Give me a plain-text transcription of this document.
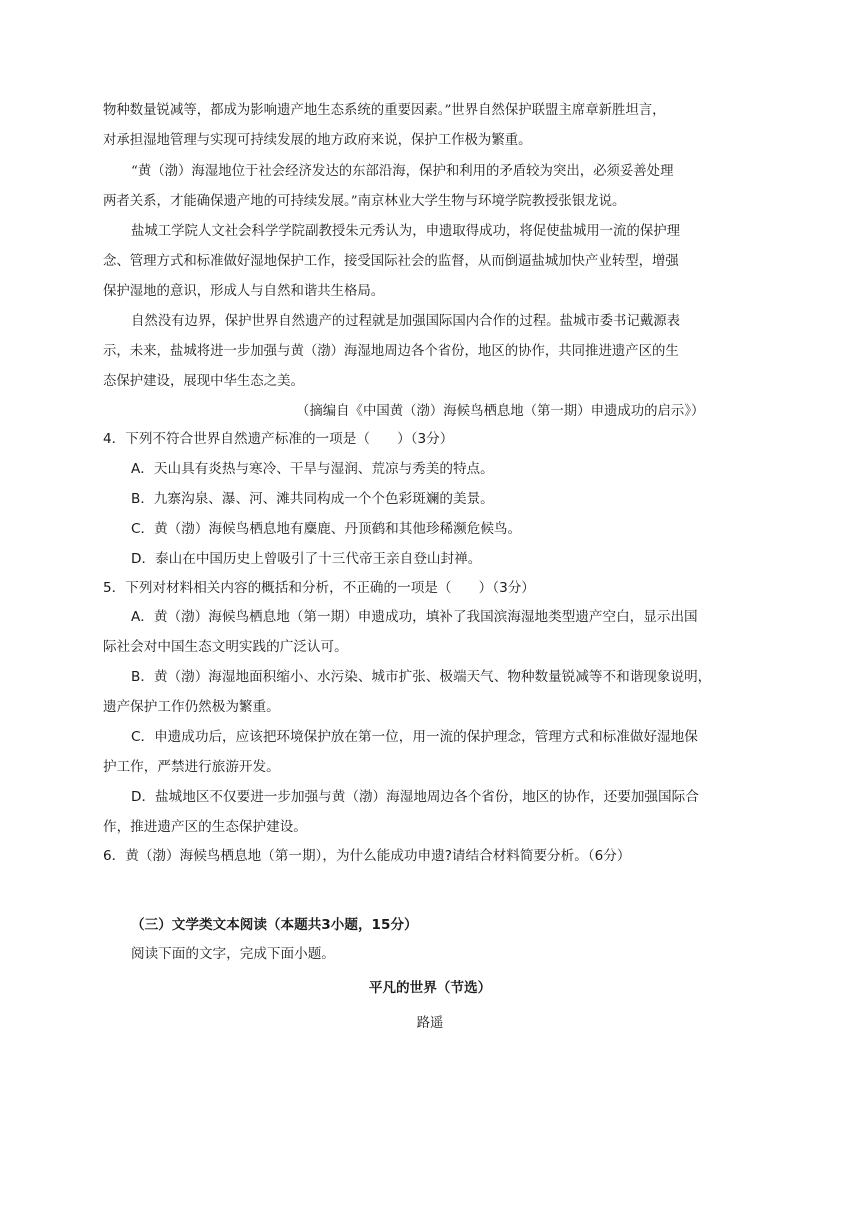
物种数量锐减等，都成为影响遗产地生态系统的重要因素。”世界自然保护联盟主席章新胜坦言，
对承担湿地管理与实现可持续发展的地方政府来说，保护工作极为繁重。
“黄（渤）海湿地位于社会经济发达的东部沿海，保护和利用的矛盾较为突出，必须妥善处理
两者关系，才能确保遗产地的可持续发展。”南京林业大学生物与环境学院教授张银龙说。
盐城工学院人文社会科学学院副教授朱元秀认为，申遗取得成功，将促使盐城用一流的保护理
念、管理方式和标准做好湿地保护工作，接受国际社会的监督，从而倒逼盐城加快产业转型，增强
保护湿地的意识，形成人与自然和谐共生格局。
自然没有边界，保护世界自然遗产的过程就是加强国际国内合作的过程。盐城市委书记戴源表
示，未来，盐城将进一步加强与黄（渤）海湿地周边各个省份，地区的协作，共同推进遗产区的生
态保护建设，展现中华生态之美。
（摘编自《中国黄（渤）海候鸟栖息地（第一期）申遗成功的启示》）
4．下列不符合世界自然遗产标准的一项是（　　）（3分）
A．天山具有炎热与寒冷、干旱与湿润、荒凉与秀美的特点。
B．九寨沟泉、瀑、河、滩共同构成一个个色彩斑斓的美景。
C．黄（渤）海候鸟栖息地有麋鹿、丹顶鹤和其他珍稀濒危候鸟。
D．泰山在中国历史上曾吸引了十三代帝王亲自登山封禅。
5．下列对材料相关内容的概括和分析，不正确的一项是（　　）（3分）
A．黄（渤）海候鸟栖息地（第一期）申遗成功，填补了我国滨海湿地类型遗产空白，显示出国
际社会对中国生态文明实践的广泛认可。
B．黄（渤）海湿地面积缩小、水污染、城市扩张、极端天气、物种数量锐减等不和谐现象说明，
遗产保护工作仍然极为繁重。
C．申遗成功后，应该把环境保护放在第一位，用一流的保护理念，管理方式和标准做好湿地保
护工作，严禁进行旅游开发。
D．盐城地区不仅要进一步加强与黄（渤）海湿地周边各个省份，地区的协作，还要加强国际合
作，推进遗产区的生态保护建设。
6．黄（渤）海候鸟栖息地（第一期），为什么能成功申遗?请结合材料简要分析。（6分）
（三）文学类文本阅读（本题共3小题，15分）
阅读下面的文字，完成下面小题。
平凡的世界（节选）
路遥
